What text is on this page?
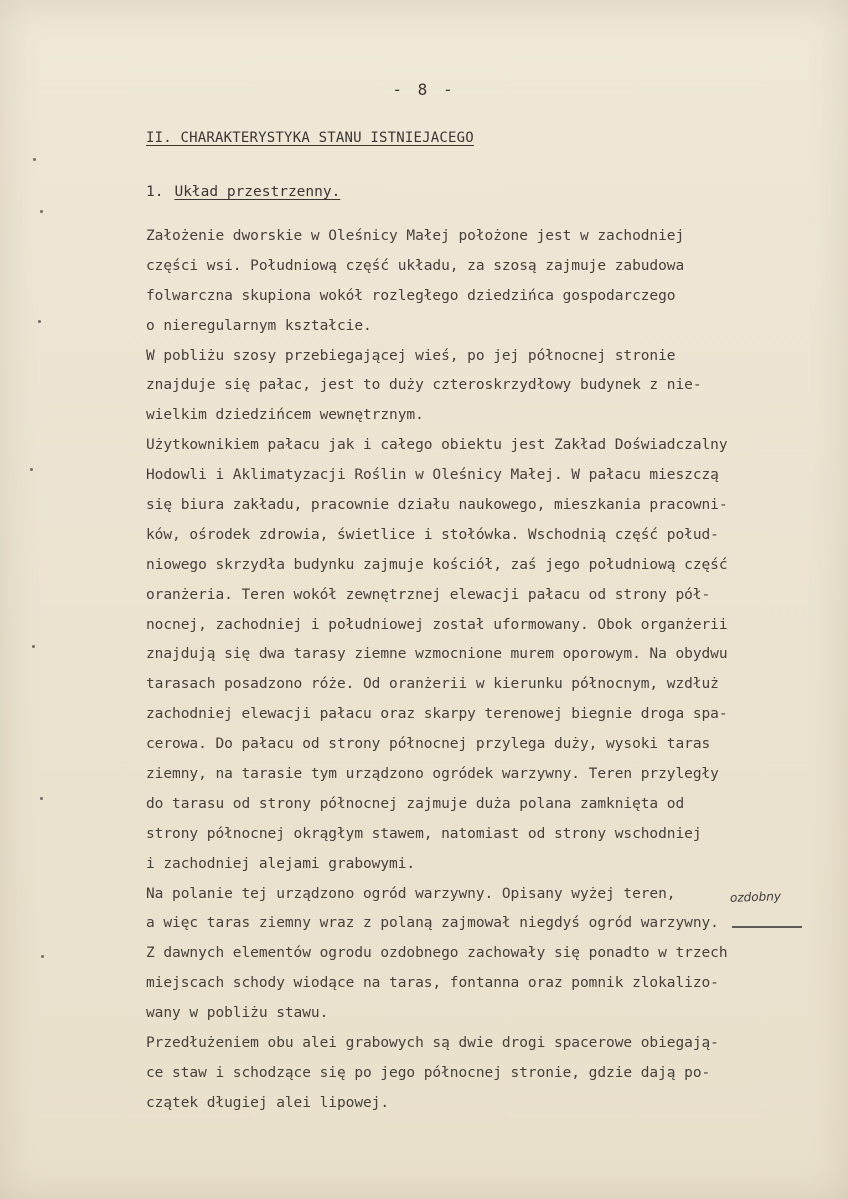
- 8 -
II. CHARAKTERYSTYKA STANU ISTNIEJACEGO
1. Układ przestrzenny.
Założenie dworskie w Oleśnicy Małej położone jest w zachodniej
części wsi. Południową część układu, za szosą zajmuje zabudowa
folwarczna skupiona wokół rozległego dziedzińca gospodarczego
o nieregularnym kształcie.
W pobliżu szosy przebiegającej wieś, po jej północnej stronie
znajduje się pałac, jest to duży czteroskrzydłowy budynek z nie-
wielkim dziedzińcem wewnętrznym.
Użytkownikiem pałacu jak i całego obiektu jest Zakład Doświadczalny
Hodowli i Aklimatyzacji Roślin w Oleśnicy Małej. W pałacu mieszczą
się biura zakładu, pracownie działu naukowego, mieszkania pracowni-
ków, ośrodek zdrowia, świetlice i stołówka. Wschodnią część połud-
niowego skrzydła budynku zajmuje kościół, zaś jego południową część
oranżeria. Teren wokół zewnętrznej elewacji pałacu od strony pół-
nocnej, zachodniej i południowej został uformowany. Obok organżerii
znajdują się dwa tarasy ziemne wzmocnione murem oporowym. Na obydwu
tarasach posadzono róże. Od oranżerii w kierunku północnym, wzdłuż
zachodniej elewacji pałacu oraz skarpy terenowej biegnie droga spa-
cerowa. Do pałacu od strony północnej przylega duży, wysoki taras
ziemny, na tarasie tym urządzono ogródek warzywny. Teren przyległy
do tarasu od strony północnej zajmuje duża polana zamknięta od
strony północnej okrągłym stawem, natomiast od strony wschodniej
i zachodniej alejami grabowymi.
Na polanie tej urządzono ogród warzywny. Opisany wyżej teren,
a więc taras ziemny wraz z polaną zajmował niegdyś ogród warzywny.
Z dawnych elementów ogrodu ozdobnego zachowały się ponadto w trzech
miejscach schody wiodące na taras, fontanna oraz pomnik zlokalizo-
wany w pobliżu stawu.
Przedłużeniem obu alei grabowych są dwie drogi spacerowe obiegają-
ce staw i schodzące się po jego północnej stronie, gdzie dają po-
czątek długiej alei lipowej.
ozdobny
